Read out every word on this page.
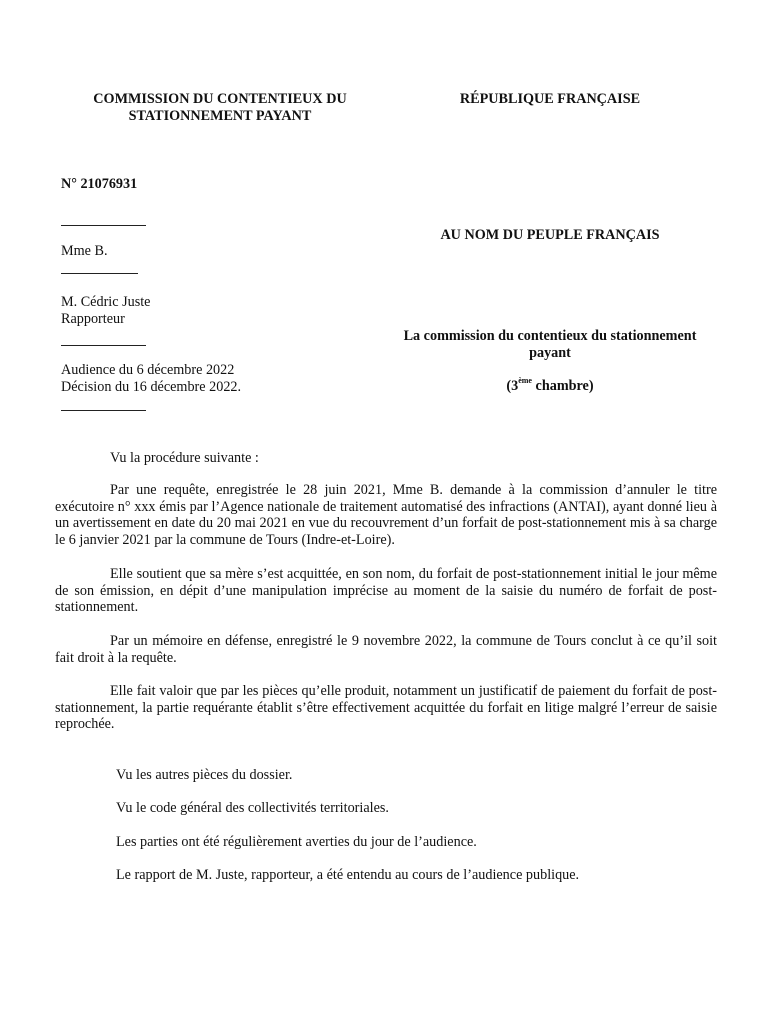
COMMISSION DU CONTENTIEUX DU
STATIONNEMENT PAYANT
RÉPUBLIQUE FRANÇAISE
N° 21076931
Mme B.
M. Cédric Juste
Rapporteur
Audience du 6 décembre 2022
Décision du 16 décembre 2022.
AU NOM DU PEUPLE FRANÇAIS
La commission du contentieux du stationnement
payant
(3ème chambre)
Vu la procédure suivante :
Par une requête, enregistrée le 28 juin 2021, Mme B. demande à la commission d’annuler le titre exécutoire n° xxx émis par l’Agence nationale de traitement automatisé des infractions (ANTAI), ayant donné lieu à un avertissement en date du 20 mai 2021 en vue du recouvrement d’un forfait de post-stationnement mis à sa charge le 6 janvier 2021 par la commune de Tours (Indre-et-Loire).
Elle soutient que sa mère s’est acquittée, en son nom, du forfait de post-stationnement initial le jour même de son émission, en dépit d’une manipulation imprécise au moment de la saisie du numéro de forfait de post-stationnement.
Par un mémoire en défense, enregistré le 9 novembre 2022, la commune de Tours conclut à ce qu’il soit fait droit à la requête.
Elle fait valoir que par les pièces qu’elle produit, notamment un justificatif de paiement du forfait de post-stationnement, la partie requérante établit s’être effectivement acquittée du forfait en litige malgré l’erreur de saisie reprochée.
Vu les autres pièces du dossier.
Vu le code général des collectivités territoriales.
Les parties ont été régulièrement averties du jour de l’audience.
Le rapport de M. Juste, rapporteur, a été entendu au cours de l’audience publique.
